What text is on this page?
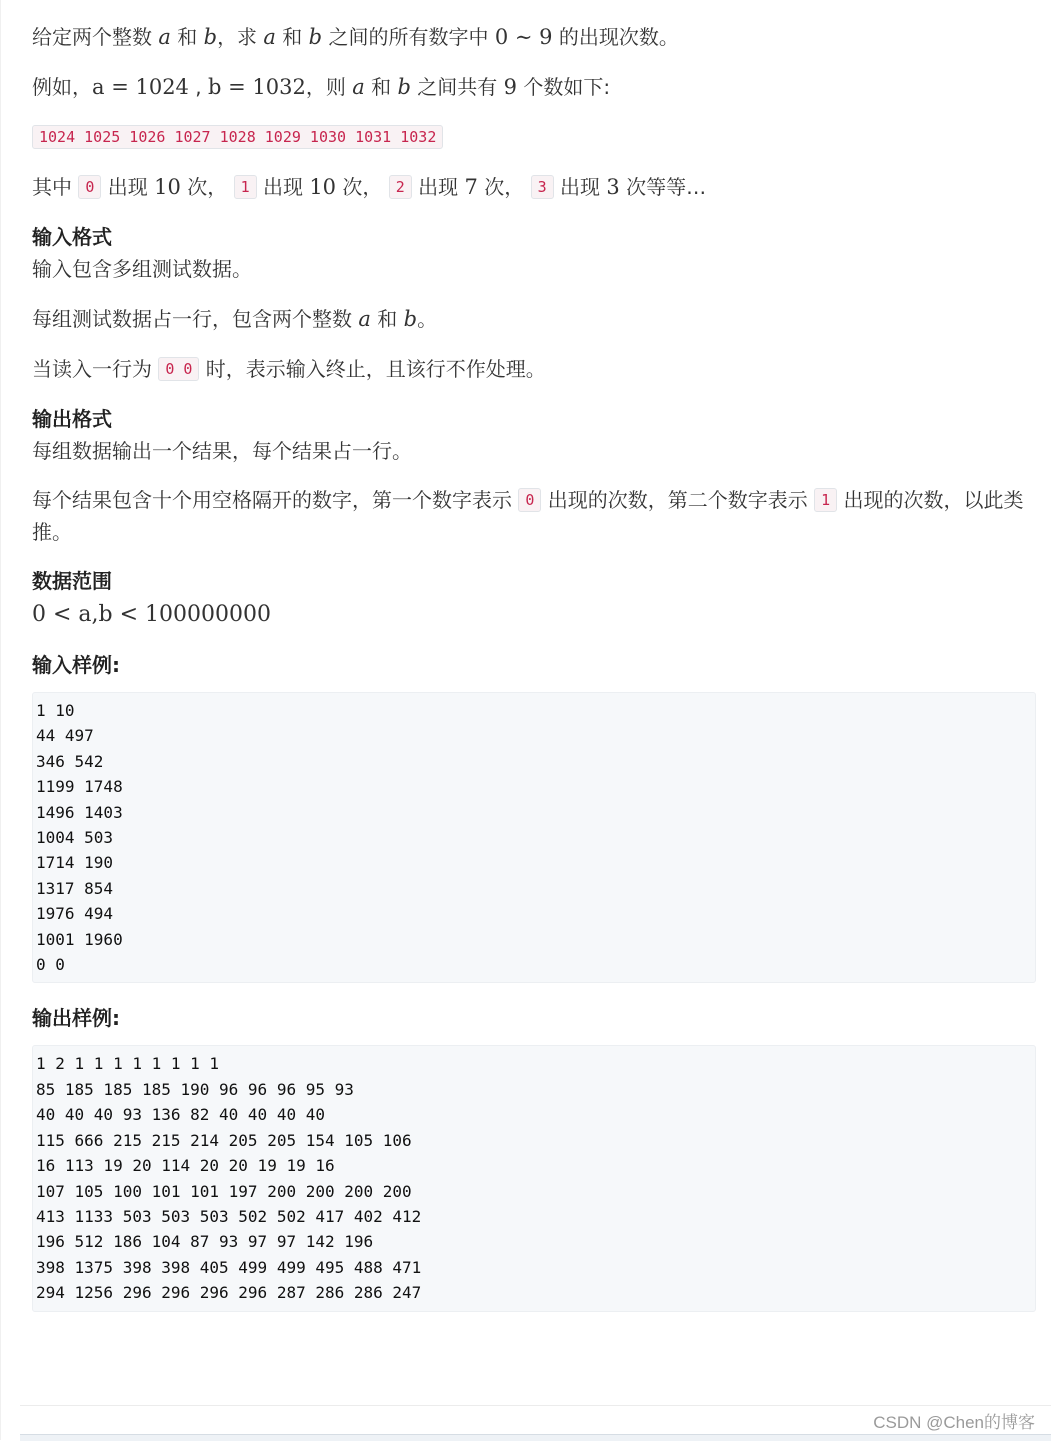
给定两个整数 a 和 b，求 a 和 b 之间的所有数字中 0 ∼ 9 的出现次数。

例如，a = 1024 , b = 1032，则 a 和 b 之间共有 9 个数如下:

1024 1025 1026 1027 1028 1029 1030 1031 1032

其中 0 出现 10 次， 1 出现 10 次， 2 出现 7 次， 3 出现 3 次等等…

输入格式

输入包含多组测试数据。

每组测试数据占一行，包含两个整数 a 和 b。

当读入一行为 0 0 时，表示输入终止，且该行不作处理。

输出格式

每组数据输出一个结果，每个结果占一行。

每个结果包含十个用空格隔开的数字，第一个数字表示 0 出现的次数，第二个数字表示 1 出现的次数，以此类推。

数据范围

0 < a,b < 100000000

输入样例:
1 10
44 497
346 542
1199 1748
1496 1403
1004 503
1714 190
1317 854
1976 494
1001 1960
0 0
输出样例:
1 2 1 1 1 1 1 1 1 1
85 185 185 185 190 96 96 96 95 93
40 40 40 93 136 82 40 40 40 40
115 666 215 215 214 205 205 154 105 106
16 113 19 20 114 20 20 19 19 16
107 105 100 101 101 197 200 200 200 200
413 1133 503 503 503 502 502 417 402 412
196 512 186 104 87 93 97 97 142 196
398 1375 398 398 405 499 499 495 488 471
294 1256 296 296 296 296 287 286 286 247
CSDN @Chen的博客
